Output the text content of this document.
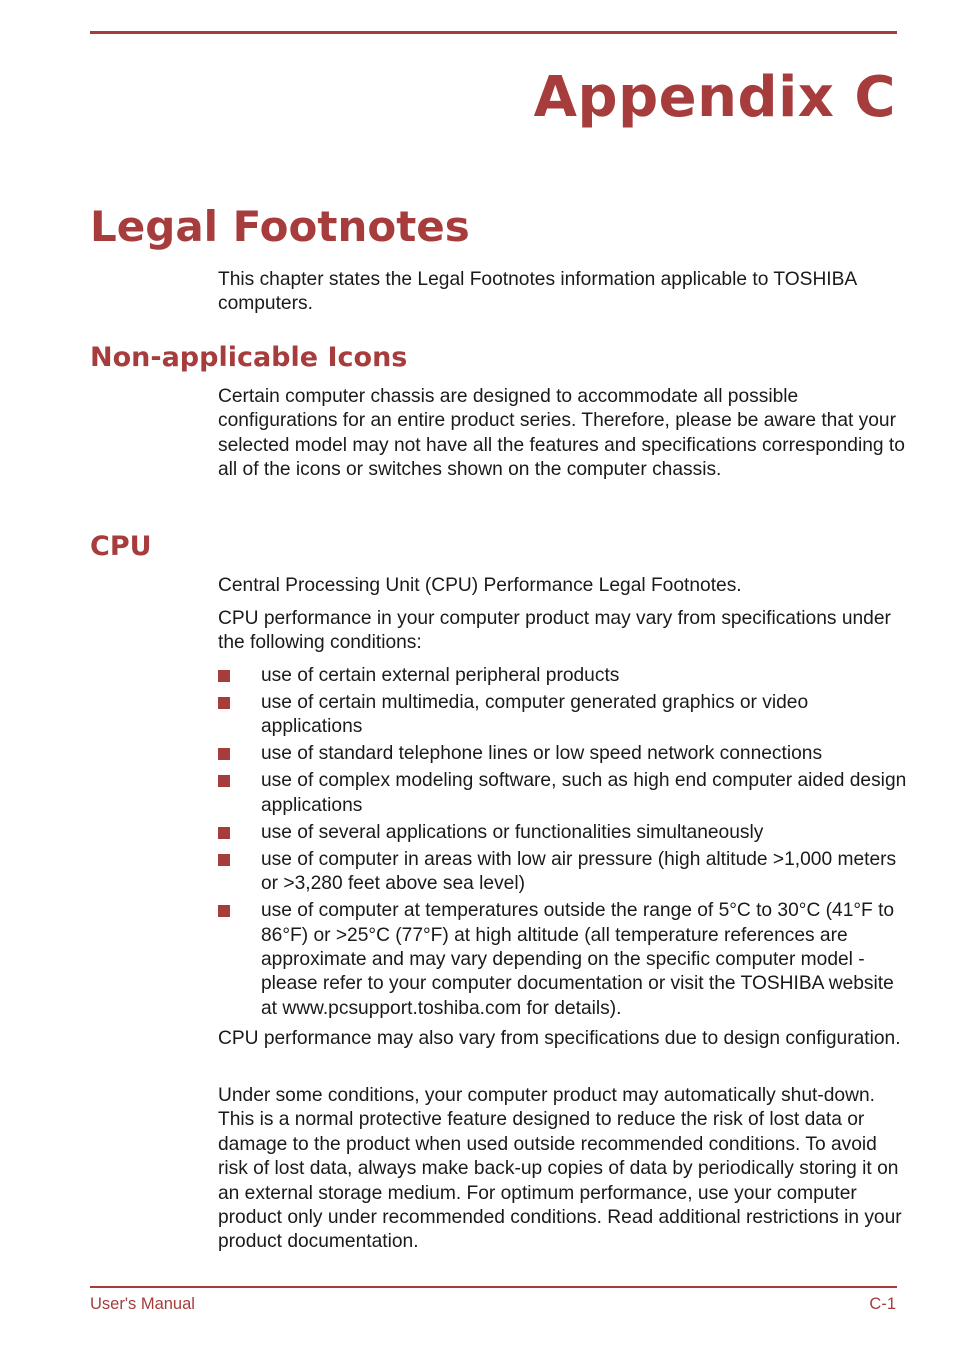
Appendix C
Legal Footnotes

This chapter states the Legal Footnotes information applicable to TOSHIBA computers.

Non-applicable Icons

Certain computer chassis are designed to accommodate all possible configurations for an entire product series. Therefore, please be aware that your selected model may not have all the features and specifications corresponding to all of the icons or switches shown on the computer chassis.

CPU

Central Processing Unit (CPU) Performance Legal Footnotes.

CPU performance in your computer product may vary from specifications under the following conditions:

use of certain external peripheral products
use of certain multimedia, computer generated graphics or video applications
use of standard telephone lines or low speed network connections
use of complex modeling software, such as high end computer aided design applications
use of several applications or functionalities simultaneously
use of computer in areas with low air pressure (high altitude >1,000 meters or >3,280 feet above sea level)
use of computer at temperatures outside the range of 5°C to 30°C (41°F to 86°F) or >25°C (77°F) at high altitude (all temperature references are approximate and may vary depending on the specific computer model - please refer to your computer documentation or visit the TOSHIBA website at www.pcsupport.toshiba.com for details).

CPU performance may also vary from specifications due to design configuration.

Under some conditions, your computer product may automatically shut-down. This is a normal protective feature designed to reduce the risk of lost data or damage to the product when used outside recommended conditions. To avoid risk of lost data, always make back-up copies of data by periodically storing it on an external storage medium. For optimum performance, use your computer product only under recommended conditions. Read additional restrictions in your product documentation.

User's Manual	C-1
